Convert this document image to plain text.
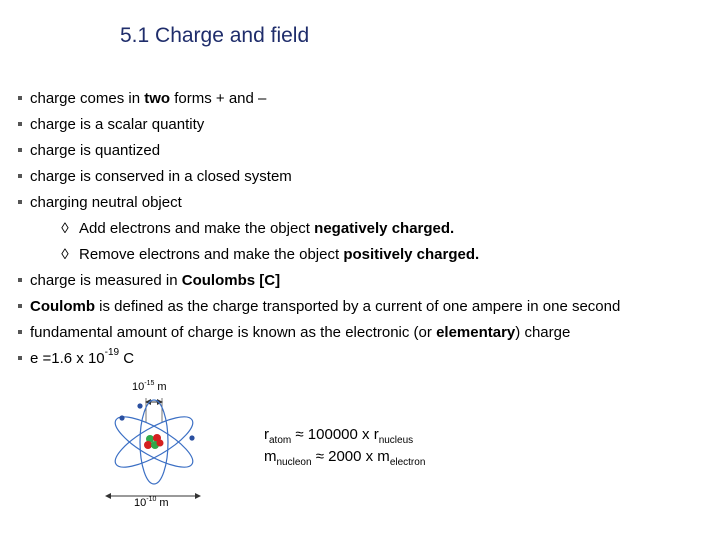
5.1 Charge and field
charge comes in two forms + and –
charge is a scalar quantity
charge is quantized
charge is conserved in a closed system
charging neutral object
◊ Add electrons and make the object negatively charged.
◊ Remove electrons and make the object positively charged.
charge is measured in Coulombs [C]
Coulomb is defined as the charge transported by a current of one ampere in one second
fundamental amount of charge is known as the electronic (or elementary) charge
e =1.6 x $10^{-19}$ C
$10^{-15}$ m
$10^{-10}$ m
$r_{atom} \approx 100000$ x $r_{nucleus}$
$m_{nucleon} \approx 2000$ x $m_{electron}$
